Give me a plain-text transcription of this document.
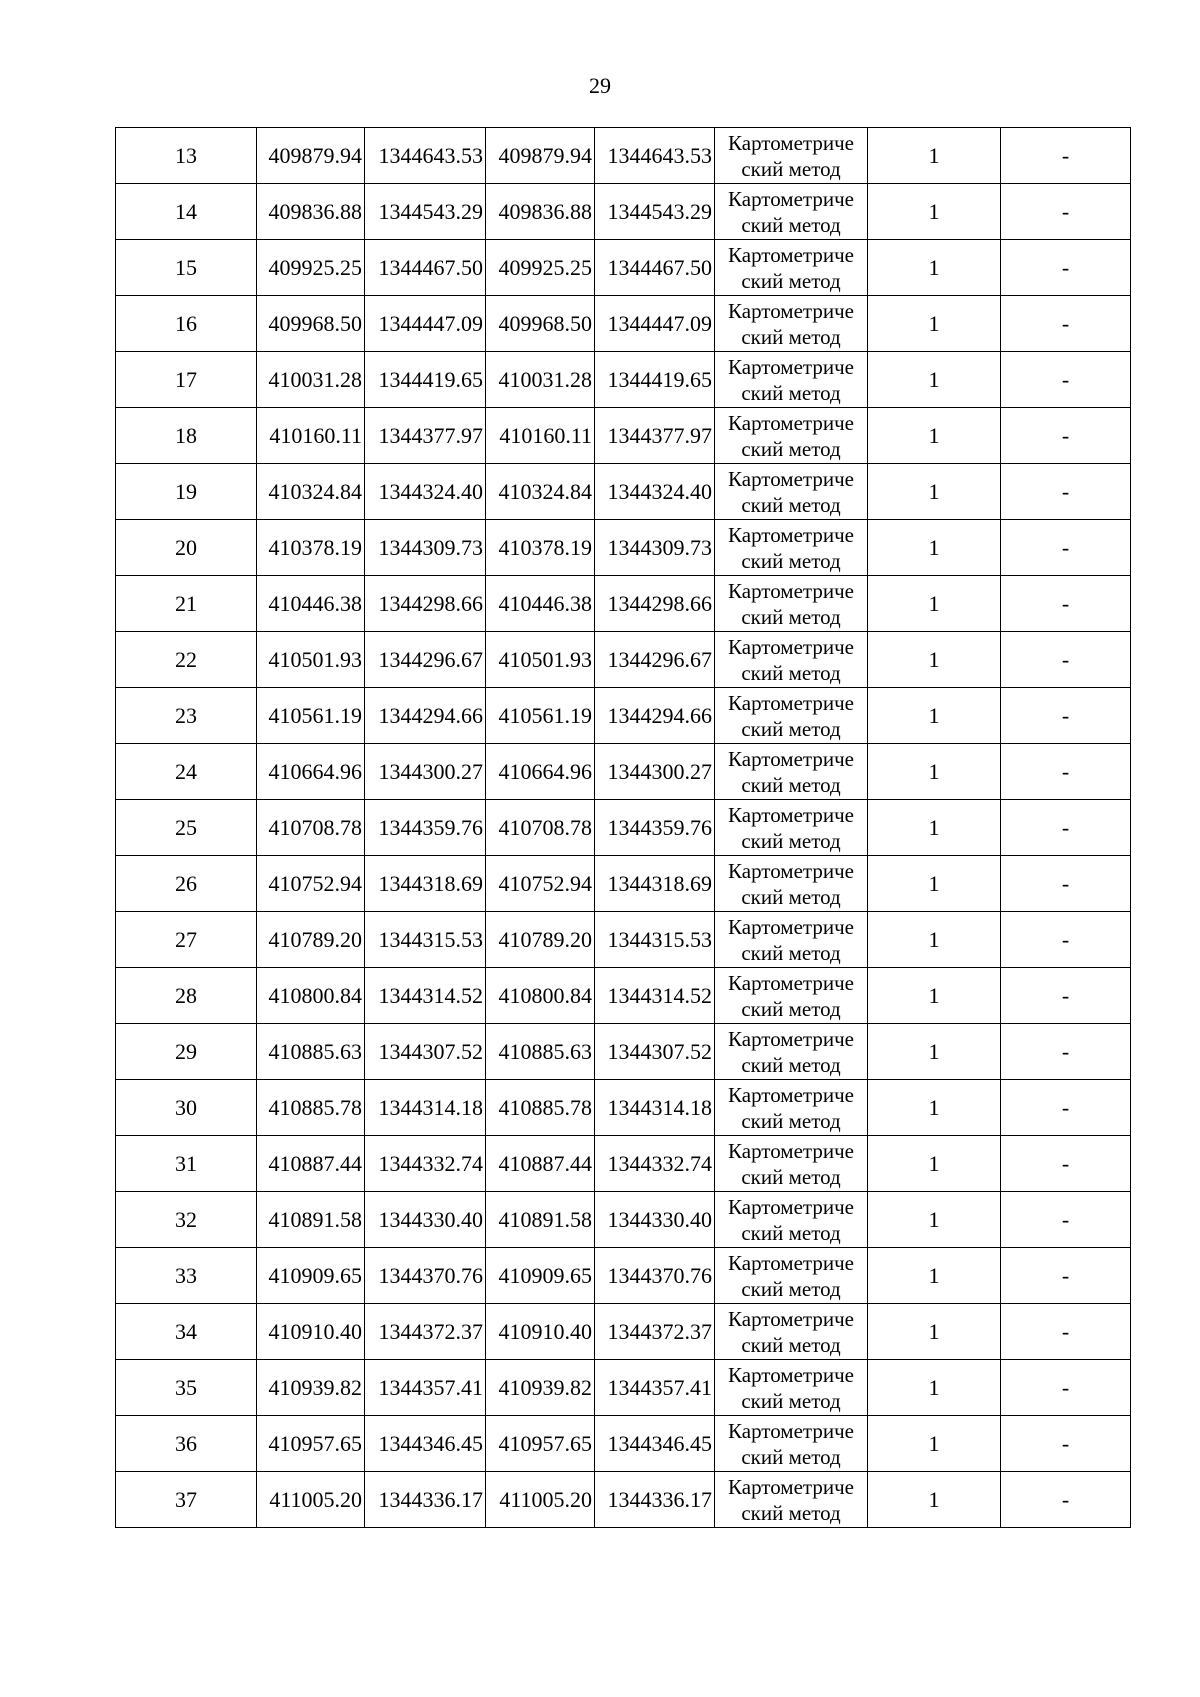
29
13	409879.94	1344643.53	409879.94	1344643.53	Картометриче
ский метод	1	-
14	409836.88	1344543.29	409836.88	1344543.29	Картометриче
ский метод	1	-
15	409925.25	1344467.50	409925.25	1344467.50	Картометриче
ский метод	1	-
16	409968.50	1344447.09	409968.50	1344447.09	Картометриче
ский метод	1	-
17	410031.28	1344419.65	410031.28	1344419.65	Картометриче
ский метод	1	-
18	410160.11	1344377.97	410160.11	1344377.97	Картометриче
ский метод	1	-
19	410324.84	1344324.40	410324.84	1344324.40	Картометриче
ский метод	1	-
20	410378.19	1344309.73	410378.19	1344309.73	Картометриче
ский метод	1	-
21	410446.38	1344298.66	410446.38	1344298.66	Картометриче
ский метод	1	-
22	410501.93	1344296.67	410501.93	1344296.67	Картометриче
ский метод	1	-
23	410561.19	1344294.66	410561.19	1344294.66	Картометриче
ский метод	1	-
24	410664.96	1344300.27	410664.96	1344300.27	Картометриче
ский метод	1	-
25	410708.78	1344359.76	410708.78	1344359.76	Картометриче
ский метод	1	-
26	410752.94	1344318.69	410752.94	1344318.69	Картометриче
ский метод	1	-
27	410789.20	1344315.53	410789.20	1344315.53	Картометриче
ский метод	1	-
28	410800.84	1344314.52	410800.84	1344314.52	Картометриче
ский метод	1	-
29	410885.63	1344307.52	410885.63	1344307.52	Картометриче
ский метод	1	-
30	410885.78	1344314.18	410885.78	1344314.18	Картометриче
ский метод	1	-
31	410887.44	1344332.74	410887.44	1344332.74	Картометриче
ский метод	1	-
32	410891.58	1344330.40	410891.58	1344330.40	Картометриче
ский метод	1	-
33	410909.65	1344370.76	410909.65	1344370.76	Картометриче
ский метод	1	-
34	410910.40	1344372.37	410910.40	1344372.37	Картометриче
ский метод	1	-
35	410939.82	1344357.41	410939.82	1344357.41	Картометриче
ский метод	1	-
36	410957.65	1344346.45	410957.65	1344346.45	Картометриче
ский метод	1	-
37	411005.20	1344336.17	411005.20	1344336.17	Картометриче
ский метод	1	-
